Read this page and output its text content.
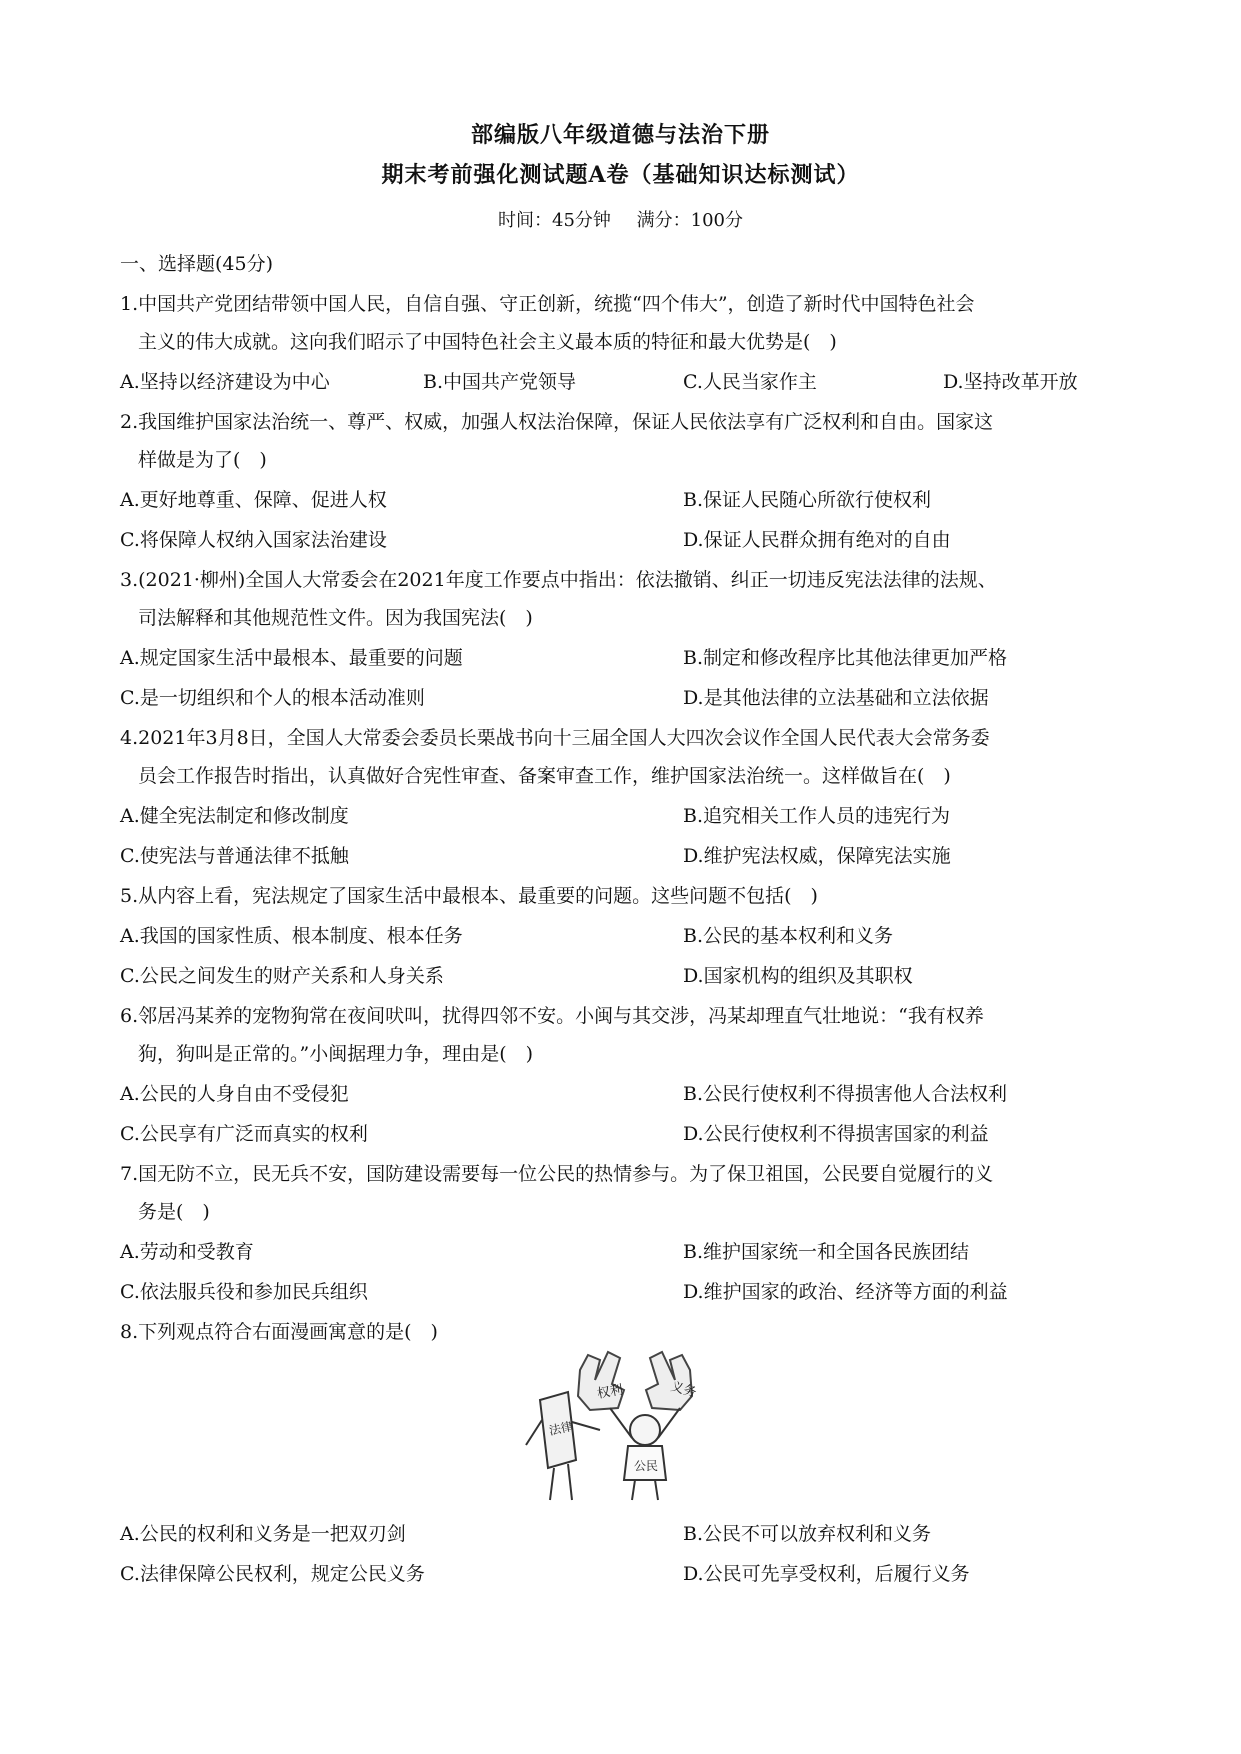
部编版八年级道德与法治下册
期末考前强化测试题A卷（基础知识达标测试）
时间：45分钟 满分：100分
一、选择题(45分)
1.中国共产党团结带领中国人民，自信自强、守正创新，统揽“四个伟大”，创造了新时代中国特色社会
主义的伟大成就。这向我们昭示了中国特色社会主义最本质的特征和最大优势是(　)
A.坚持以经济建设为中心	B.中国共产党领导	C.人民当家作主	D.坚持改革开放
2.我国维护国家法治统一、尊严、权威，加强人权法治保障，保证人民依法享有广泛权利和自由。国家这
样做是为了(　)
A.更好地尊重、保障、促进人权	B.保证人民随心所欲行使权利
C.将保障人权纳入国家法治建设	D.保证人民群众拥有绝对的自由
3.(2021·柳州)全国人大常委会在2021年度工作要点中指出：依法撤销、纠正一切违反宪法法律的法规、
司法解释和其他规范性文件。因为我国宪法(　)
A.规定国家生活中最根本、最重要的问题	B.制定和修改程序比其他法律更加严格
C.是一切组织和个人的根本活动准则	D.是其他法律的立法基础和立法依据
4.2021年3月8日，全国人大常委会委员长栗战书向十三届全国人大四次会议作全国人民代表大会常务委
员会工作报告时指出，认真做好合宪性审查、备案审查工作，维护国家法治统一。这样做旨在(　)
A.健全宪法制定和修改制度	B.追究相关工作人员的违宪行为
C.使宪法与普通法律不抵触	D.维护宪法权威，保障宪法实施
5.从内容上看，宪法规定了国家生活中最根本、最重要的问题。这些问题不包括(　)
A.我国的国家性质、根本制度、根本任务	B.公民的基本权利和义务
C.公民之间发生的财产关系和人身关系	D.国家机构的组织及其职权
6.邻居冯某养的宠物狗常在夜间吠叫，扰得四邻不安。小闽与其交涉，冯某却理直气壮地说：“我有权养
狗，狗叫是正常的。”小闽据理力争，理由是(　)
A.公民的人身自由不受侵犯	B.公民行使权利不得损害他人合法权利
C.公民享有广泛而真实的权利	D.公民行使权利不得损害国家的利益
7.国无防不立，民无兵不安，国防建设需要每一位公民的热情参与。为了保卫祖国，公民要自觉履行的义
务是(　)
A.劳动和受教育	B.维护国家统一和全国各民族团结
C.依法服兵役和参加民兵组织	D.维护国家的政治、经济等方面的利益
8.下列观点符合右面漫画寓意的是(　)
权利	义务
公民
法律
A.公民的权利和义务是一把双刃剑	B.公民不可以放弃权利和义务
C.法律保障公民权利，规定公民义务	D.公民可先享受权利，后履行义务
